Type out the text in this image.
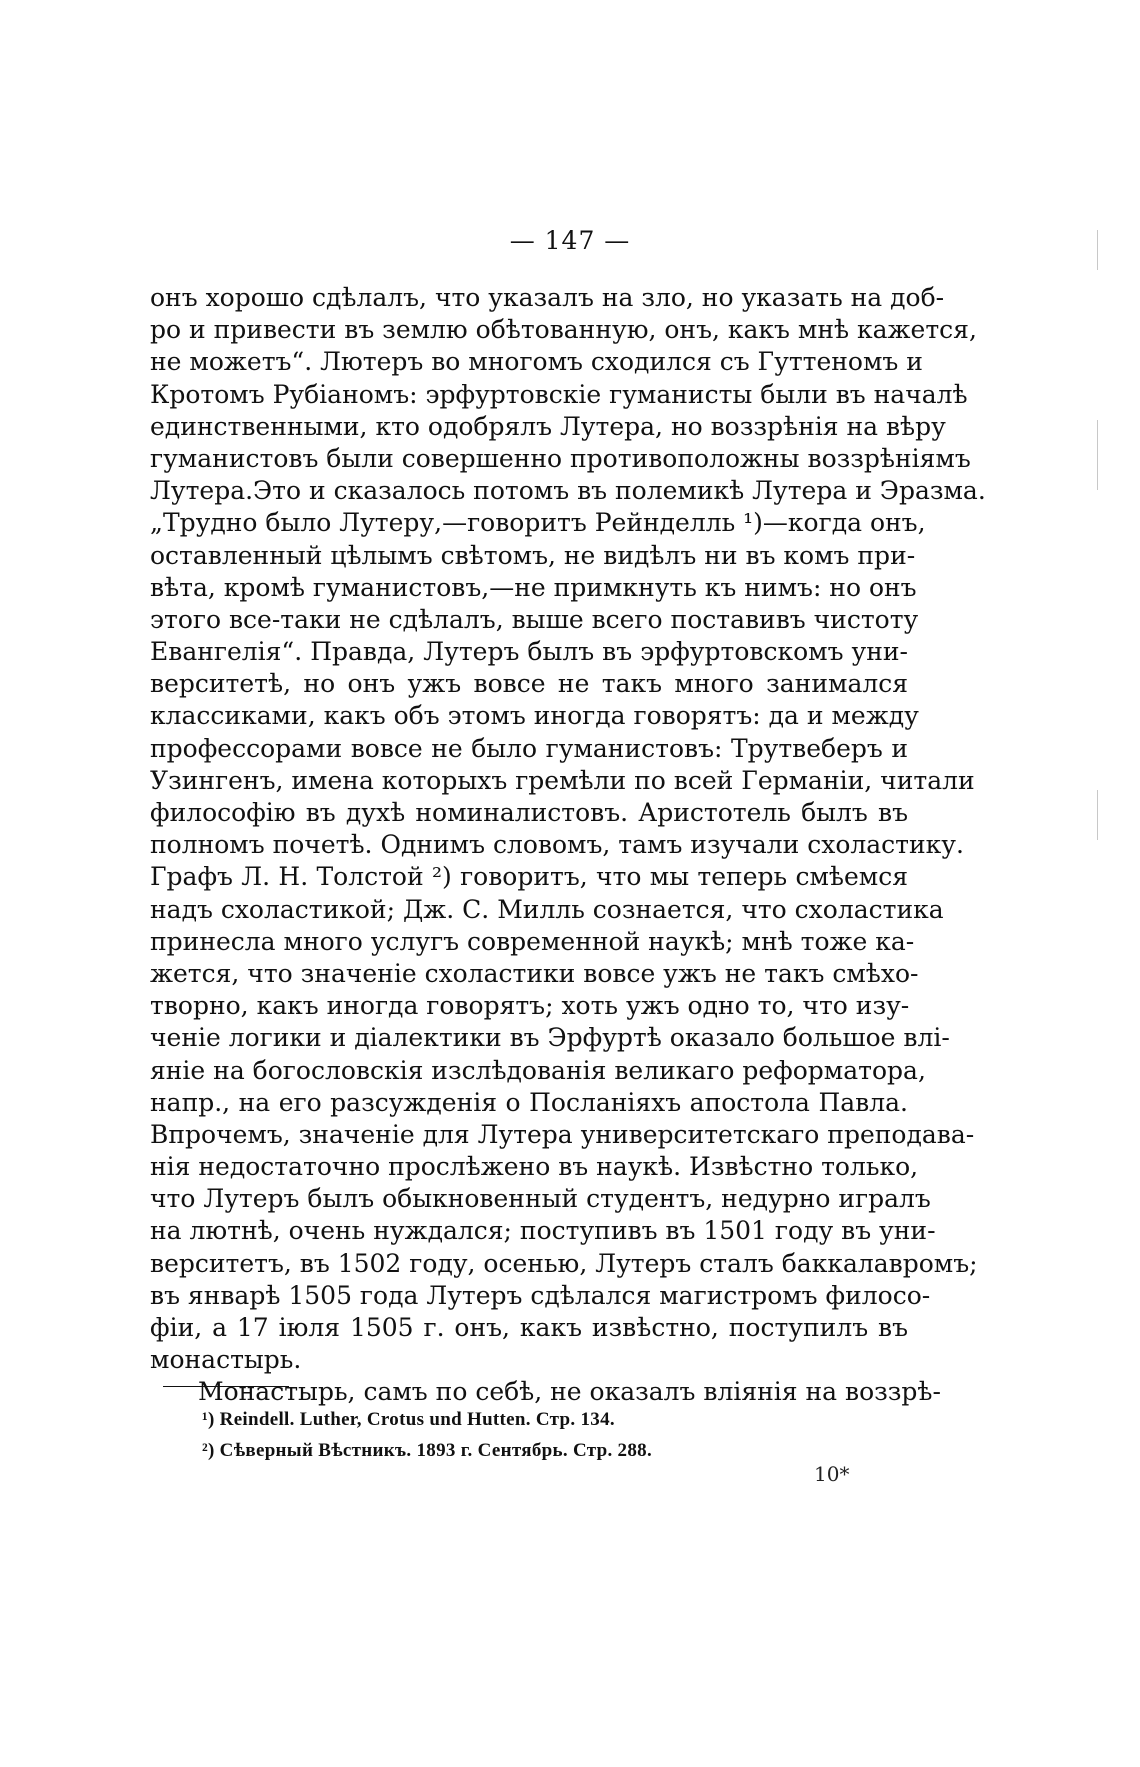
— 147 —
онъ хорошо сдѣлалъ, что указалъ на зло, но указать на доб-
ро и привести въ землю обѣтованную, онъ, какъ мнѣ кажется,
не можетъ“. Лютеръ во многомъ сходился съ Гуттеномъ и
Кротомъ Рубіаномъ: эрфуртовскіе гуманисты были въ началѣ
единственными, кто одобрялъ Лутера, но воззрѣнія на вѣру
гуманистовъ были совершенно противоположны воззрѣніямъ
Лутера.Это и сказалось потомъ въ полемикѣ Лутера и Эразма.
„Трудно было Лутеру,—говоритъ Рейнделль ¹)—когда онъ,
оставленный цѣлымъ свѣтомъ, не видѣлъ ни въ комъ при-
вѣта, кромѣ гуманистовъ,—не примкнуть къ нимъ: но онъ
этого все-таки не сдѣлалъ, выше всего поставивъ чистоту
Евангелія“. Правда, Лутеръ былъ въ эрфуртовскомъ уни-
верситетѣ, но онъ ужъ вовсе не такъ много занимался
классиками, какъ объ этомъ иногда говорятъ: да и между
профессорами вовсе не было гуманистовъ: Трутвеберъ и
Узингенъ, имена которыхъ гремѣли по всей Германіи, читали
философію въ духѣ номиналистовъ. Аристотель былъ въ
полномъ почетѣ. Однимъ словомъ, тамъ изучали схоластику.
Графъ Л. Н. Толстой ²) говоритъ, что мы теперь смѣемся
надъ схоластикой; Дж. С. Милль сознается, что схоластика
принесла много услугъ современной наукѣ; мнѣ тоже ка-
жется, что значеніе схоластики вовсе ужъ не такъ смѣхо-
творно, какъ иногда говорятъ; хоть ужъ одно то, что изу-
ченіе логики и діалектики въ Эрфуртѣ оказало большое влі-
яніе на богословскія изслѣдованія великаго реформатора,
напр., на его разсужденія о Посланіяхъ апостола Павла.
Впрочемъ, значеніе для Лутера университетскаго преподава-
нія недостаточно прослѣжено въ наукѣ. Извѣстно только,
что Лутеръ былъ обыкновенный студентъ, недурно игралъ
на лютнѣ, очень нуждался; поступивъ въ 1501 году въ уни-
верситетъ, въ 1502 году, осенью, Лутеръ сталъ баккалавромъ;
въ январѣ 1505 года Лутеръ сдѣлался магистромъ филосо-
фіи, а 17 іюля 1505 г. онъ, какъ извѣстно, поступилъ въ
монастырь.
Монастырь, самъ по себѣ, не оказалъ вліянія на воззрѣ-
¹) Reindell. Luther, Crotus und Hutten. Стр. 134.
²) Сѣверный Вѣстникъ. 1893 г. Сентябрь. Стр. 288.
10*
